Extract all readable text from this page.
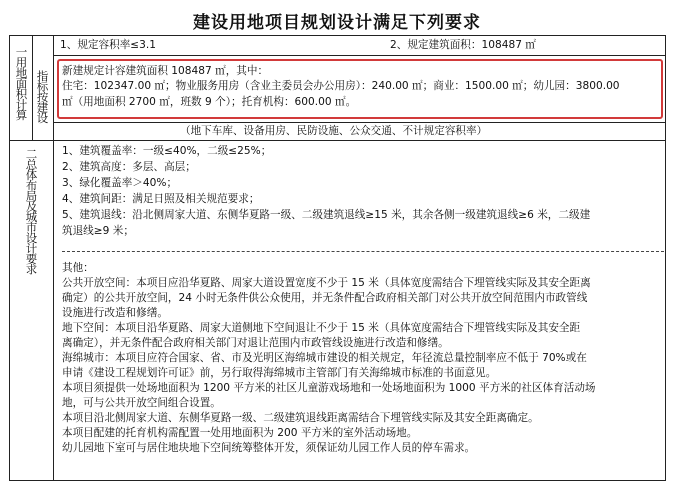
建设用地项目规划设计满足下列要求
一用地面积计算 指标按建设
1、规定容积率≤3.1	2、规定建筑面积：108487 ㎡
新建规定计容建筑面积 108487 ㎡，其中：
住宅：102347.00 ㎡；物业服务用房（含业主委员会办公用房）：240.00 ㎡；商业：1500.00 ㎡；幼儿园：3800.00
㎡（用地面积 2700 ㎡，班数 9 个）；托育机构：600.00 ㎡。
（地下车库、设备用房、民防设施、公众交通、不计规定容积率）
二总体布局及城市设计要求	1、建筑覆盖率：一级≤40%，二级≤25%；
2、建筑高度：多层、高层；
3、绿化覆盖率＞40%；
4、建筑间距：满足日照及相关规范要求；
5、建筑退线：沿北侧周家大道、东侧华夏路一级、二级建筑退线≥15 米，其余各侧一级建筑退线≥6 米，二级建
筑退线≥9 米；
其他：
公共开放空间：本项目应沿华夏路、周家大道设置宽度不少于 15 米（具体宽度需结合下埋管线实际及其安全距离
确定）的公共开放空间，24 小时无条件供公众使用，并无条件配合政府相关部门对公共开放空间范围内市政管线
设施进行改造和修缮。
地下空间：本项目沿华夏路、周家大道侧地下空间退让不少于 15 米（具体宽度需结合下埋管线实际及其安全距
离确定），并无条件配合政府相关部门对退让范围内市政管线设施进行改造和修缮。
海绵城市：本项目应符合国家、省、市及光明区海绵城市建设的相关规定，年径流总量控制率应不低于 70%或在
申请《建设工程规划许可证》前，另行取得海绵城市主管部门有关海绵城市标准的书面意见。
本项目须提供一处场地面积为 1200 平方米的社区儿童游戏场地和一处场地面积为 1000 平方米的社区体育活动场
地，可与公共开放空间组合设置。
本项目沿北侧周家大道、东侧华夏路一级、二级建筑退线距离需结合下埋管线实际及其安全距离确定。
本项目配建的托育机构需配置一处用地面积为 200 平方米的室外活动场地。
幼儿园地下室可与居住地块地下空间统筹整体开发，须保证幼儿园工作人员的停车需求。
